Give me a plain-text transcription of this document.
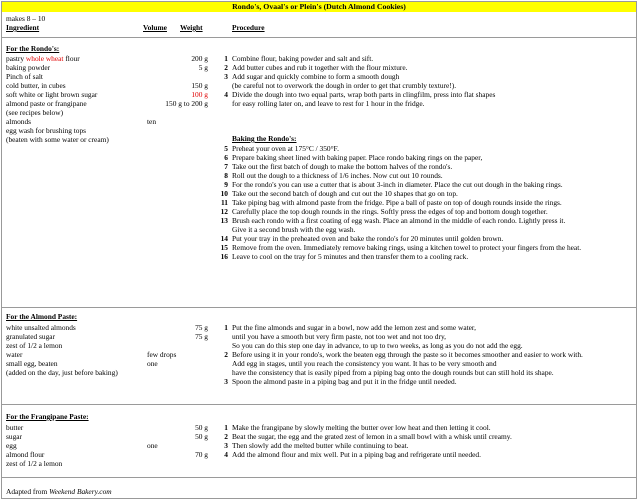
Rondo's, Ovaal's or Plein's (Dutch Almond Cookies)
makes 8 – 10
Ingredient	Volume Weight	Procedure
For the Rondo's:
pastry whole wheat flour	200 g
baking powder	5 g
Pinch of salt
cold butter, in cubes	150 g
soft white or light brown sugar	100 g
almond paste or frangipane	150 g to 200 g
(see recipes below)
almonds	ten
egg wash for brushing tops
(beaten with some water or cream)
1 Combine flour, baking powder and salt and sift.
2 Add butter cubes and rub it together with the flour mixture.
3 Add sugar and quickly combine to form a smooth dough
(be careful not to overwork the dough in order to get that crumbly texture!).
4 Divide the dough into two equal parts, wrap both parts in clingfilm, press into flat shapes
for easy rolling later on, and leave to rest for 1 hour in the fridge.
Baking the Rondo's:
5 Preheat your oven at 175°C / 350°F.
6 Prepare baking sheet lined with baking paper. Place rondo baking rings on the paper,
7 Take out the first batch of dough to make the bottom halves of the rondo's.
8 Roll out the dough to a thickness of 1/6 inches. Now cut out 10 rounds.
9 For the rondo's you can use a cutter that is about 3-inch in diameter. Place the cut out dough in the baking rings.
10 Take out the second batch of dough and cut out the 10 shapes that go on top.
11 Take piping bag with almond paste from the fridge. Pipe a ball of paste on top of dough rounds inside the rings.
12 Carefully place the top dough rounds in the rings. Softly press the edges of top and bottom dough together.
13 Brush each rondo with a first coating of egg wash. Place an almond in the middle of each rondo. Lightly press it.
Give it a second brush with the egg wash.
14 Put your tray in the preheated oven and bake the rondo's for 20 minutes until golden brown.
15 Remove from the oven. Immediately remove baking rings, using a kitchen towel to protect your fingers from the heat.
16 Leave to cool on the tray for 5 minutes and then transfer them to a cooling rack.
For the Almond Paste:
white unsalted almonds	75 g
granulated sugar	75 g
zest of 1/2 a lemon
water	few drops
small egg, beaten	one
(added on the day, just before baking)
1 Put the fine almonds and sugar in a bowl, now add the lemon zest and some water,
until you have a smooth but very firm paste, not too wet and not too dry,
So you can do this step one day in advance, to up to two weeks, as long as you do not add the egg.
2 Before using it in your rondo's, work the beaten egg through the paste so it becomes smoother and easier to work with.
Add egg in stages, until you reach the consistency you want. It has to be very smooth and
have the consistency that is easily piped from a piping bag onto the dough rounds but can still hold its shape.
3 Spoon the almond paste in a piping bag and put it in the fridge until needed.
For the Frangipane Paste:
butter	50 g
sugar	50 g
egg	one
almond flour	70 g
zest of 1/2 a lemon
1 Make the frangipane by slowly melting the butter over low heat and then letting it cool.
2 Beat the sugar, the egg and the grated zest of lemon in a small bowl with a whisk until creamy.
3 Then slowly add the melted butter while continuing to beat.
4 Add the almond flour and mix well. Put in a piping bag and refrigerate until needed.
Adapted from Weekend Bakery.com
